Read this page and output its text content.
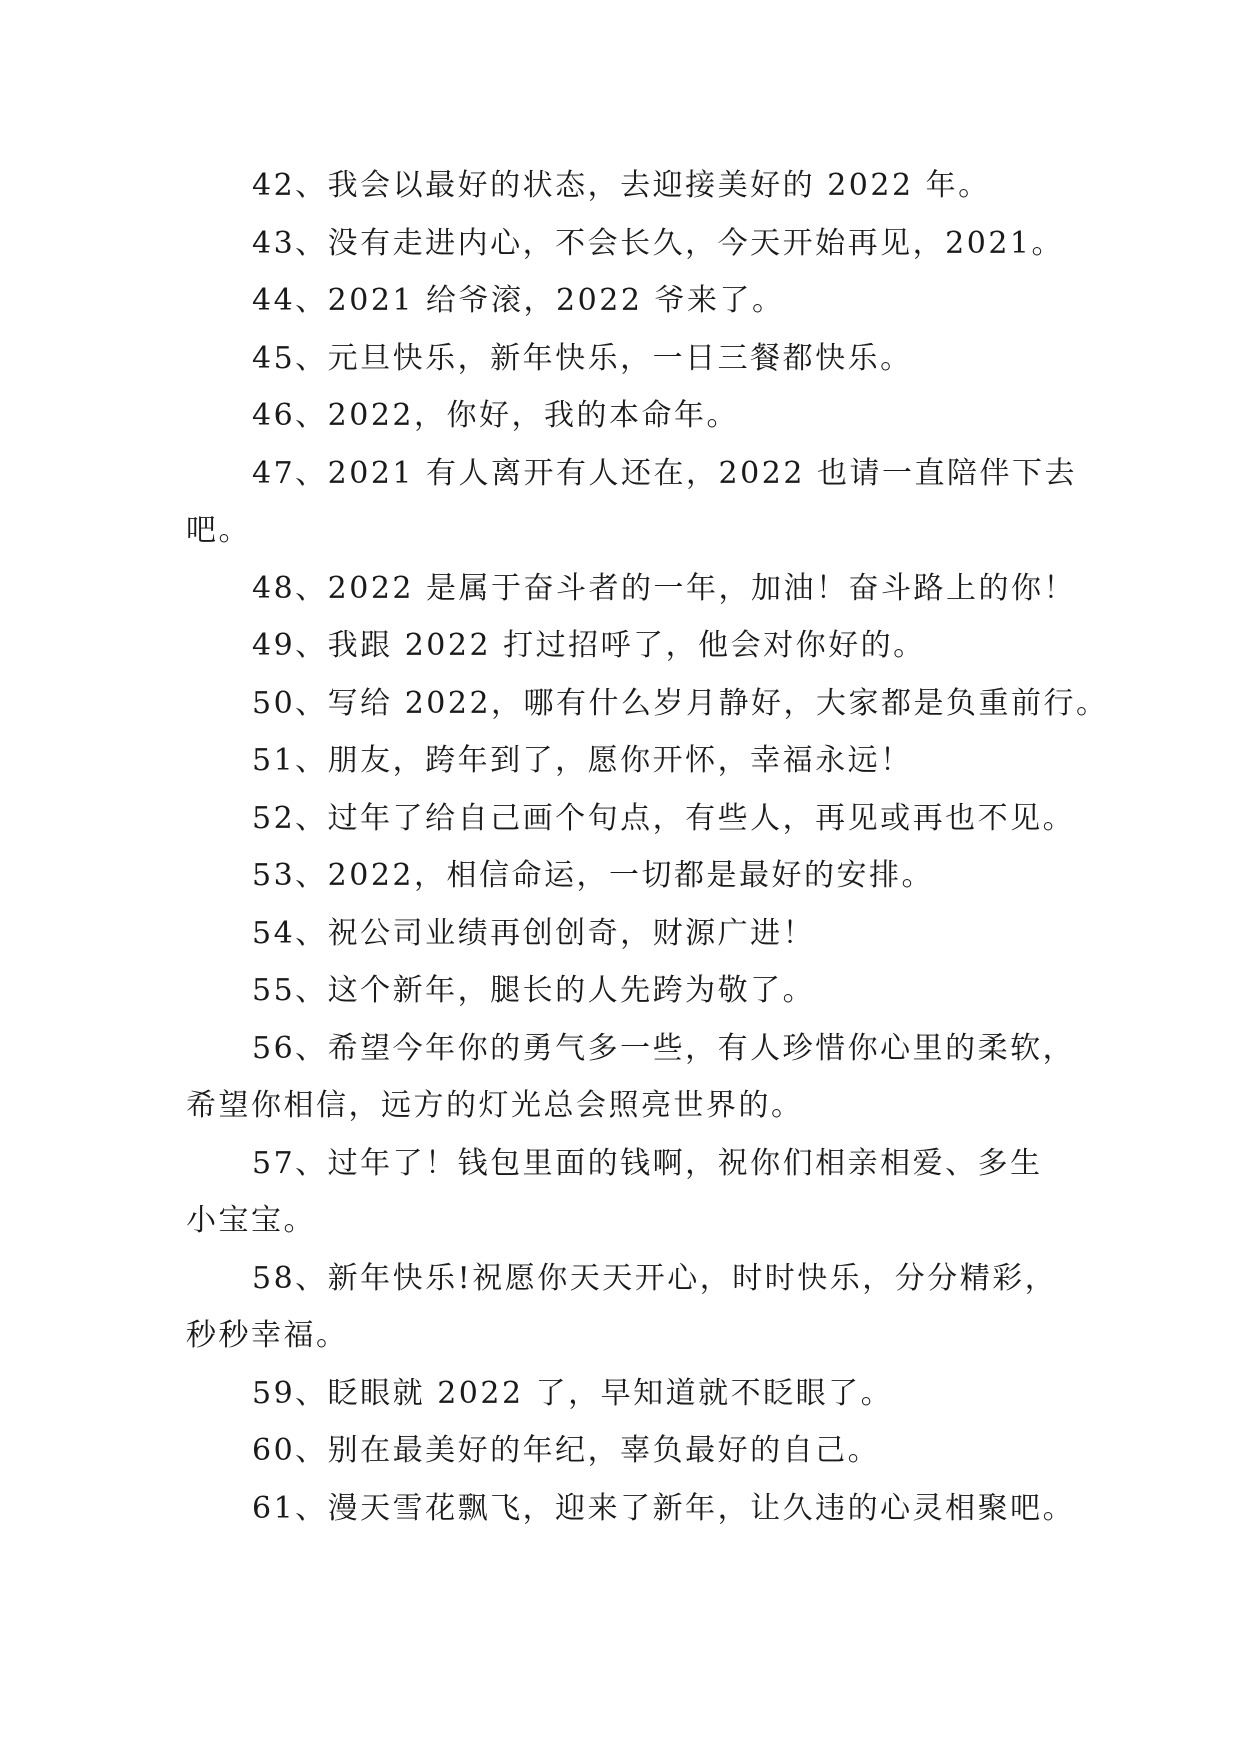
42、我会以最好的状态，去迎接美好的 2022 年。
43、没有走进内心，不会长久，今天开始再见，2021。
44、2021 给爷滚，2022 爷来了。
45、元旦快乐，新年快乐，一日三餐都快乐。
46、2022，你好，我的本命年。
47、2021 有人离开有人还在，2022 也请一直陪伴下去
吧。
48、2022 是属于奋斗者的一年，加油！奋斗路上的你！
49、我跟 2022 打过招呼了，他会对你好的。
50、写给 2022，哪有什么岁月静好，大家都是负重前行。
51、朋友，跨年到了，愿你开怀，幸福永远！
52、过年了给自己画个句点，有些人，再见或再也不见。
53、2022，相信命运，一切都是最好的安排。
54、祝公司业绩再创创奇，财源广进！
55、这个新年，腿长的人先跨为敬了。
56、希望今年你的勇气多一些，有人珍惜你心里的柔软，
希望你相信，远方的灯光总会照亮世界的。
57、过年了！钱包里面的钱啊，祝你们相亲相爱、多生
小宝宝。
58、新年快乐!祝愿你天天开心，时时快乐，分分精彩，
秒秒幸福。
59、眨眼就 2022 了，早知道就不眨眼了。
60、别在最美好的年纪，辜负最好的自己。
61、漫天雪花飘飞，迎来了新年，让久违的心灵相聚吧。
